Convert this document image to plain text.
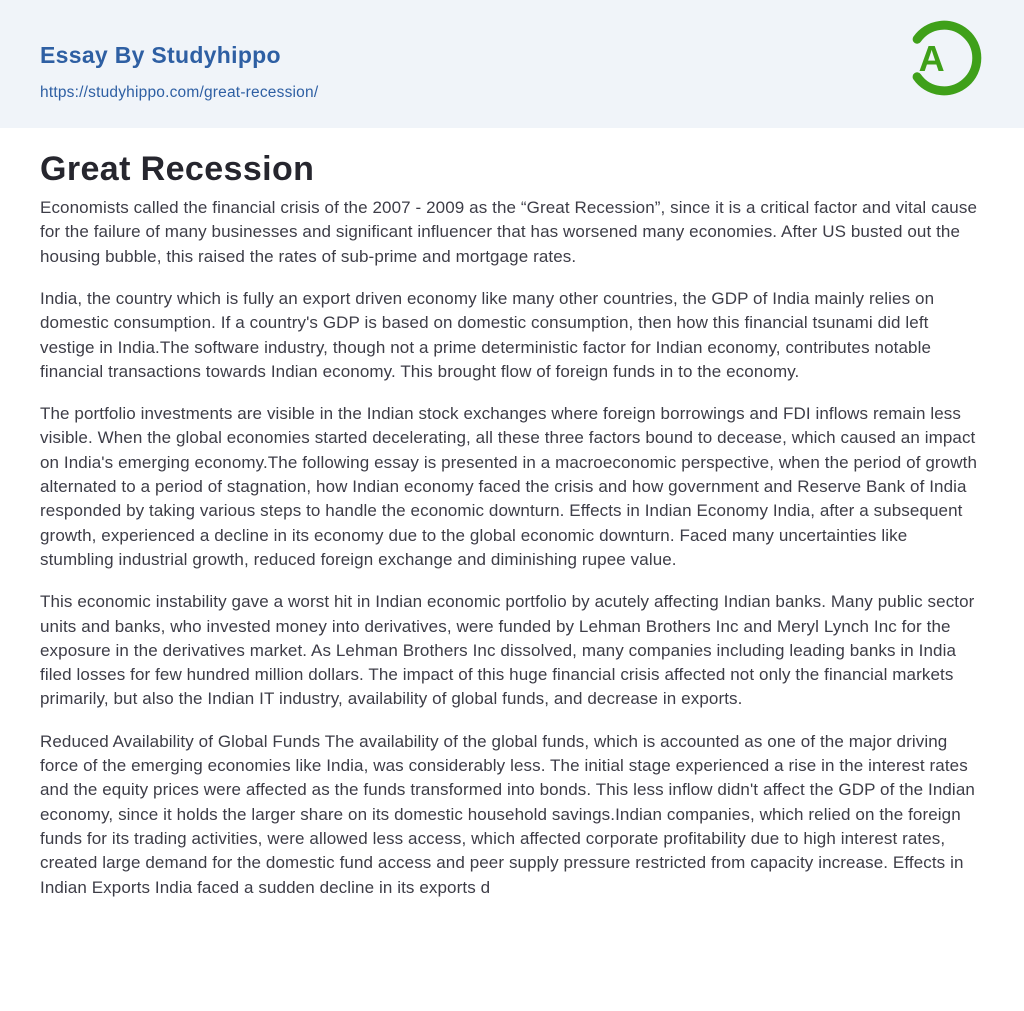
Essay By Studyhippo
https://studyhippo.com/great-recession/
A
Great Recession

Economists called the financial crisis of the 2007 - 2009 as the “Great Recession”, since it is a critical factor and vital cause for the failure of many businesses and significant influencer that has worsened many economies. After US busted out the housing bubble, this raised the rates of sub-prime and mortgage rates.

India, the country which is fully an export driven economy like many other countries, the GDP of India mainly relies on domestic consumption. If a country's GDP is based on domestic consumption, then how this financial tsunami did left vestige in India.The software industry, though not a prime deterministic factor for Indian economy, contributes notable financial transactions towards Indian economy. This brought flow of foreign funds in to the economy.

The portfolio investments are visible in the Indian stock exchanges where foreign borrowings and FDI inflows remain less visible. When the global economies started decelerating, all these three factors bound to decease, which caused an impact on India's emerging economy.The following essay is presented in a macroeconomic perspective, when the period of growth alternated to a period of stagnation, how Indian economy faced the crisis and how government and Reserve Bank of India responded by taking various steps to handle the economic downturn. Effects in Indian Economy India, after a subsequent growth, experienced a decline in its economy due to the global economic downturn. Faced many uncertainties like stumbling industrial growth, reduced foreign exchange and diminishing rupee value.

This economic instability gave a worst hit in Indian economic portfolio by acutely affecting Indian banks. Many public sector units and banks, who invested money into derivatives, were funded by Lehman Brothers Inc and Meryl Lynch Inc for the exposure in the derivatives market. As Lehman Brothers Inc dissolved, many companies including leading banks in India filed losses for few hundred million dollars. The impact of this huge financial crisis affected not only the financial markets primarily, but also the Indian IT industry, availability of global funds, and decrease in exports.

Reduced Availability of Global Funds The availability of the global funds, which is accounted as one of the major driving force of the emerging economies like India, was considerably less. The initial stage experienced a rise in the interest rates and the equity prices were affected as the funds transformed into bonds. This less inflow didn't affect the GDP of the Indian economy, since it holds the larger share on its domestic household savings.Indian companies, which relied on the foreign funds for its trading activities, were allowed less access, which affected corporate profitability due to high interest rates, created large demand for the domestic fund access and peer supply pressure restricted from capacity increase. Effects in Indian Exports India faced a sudden decline in its exports d
